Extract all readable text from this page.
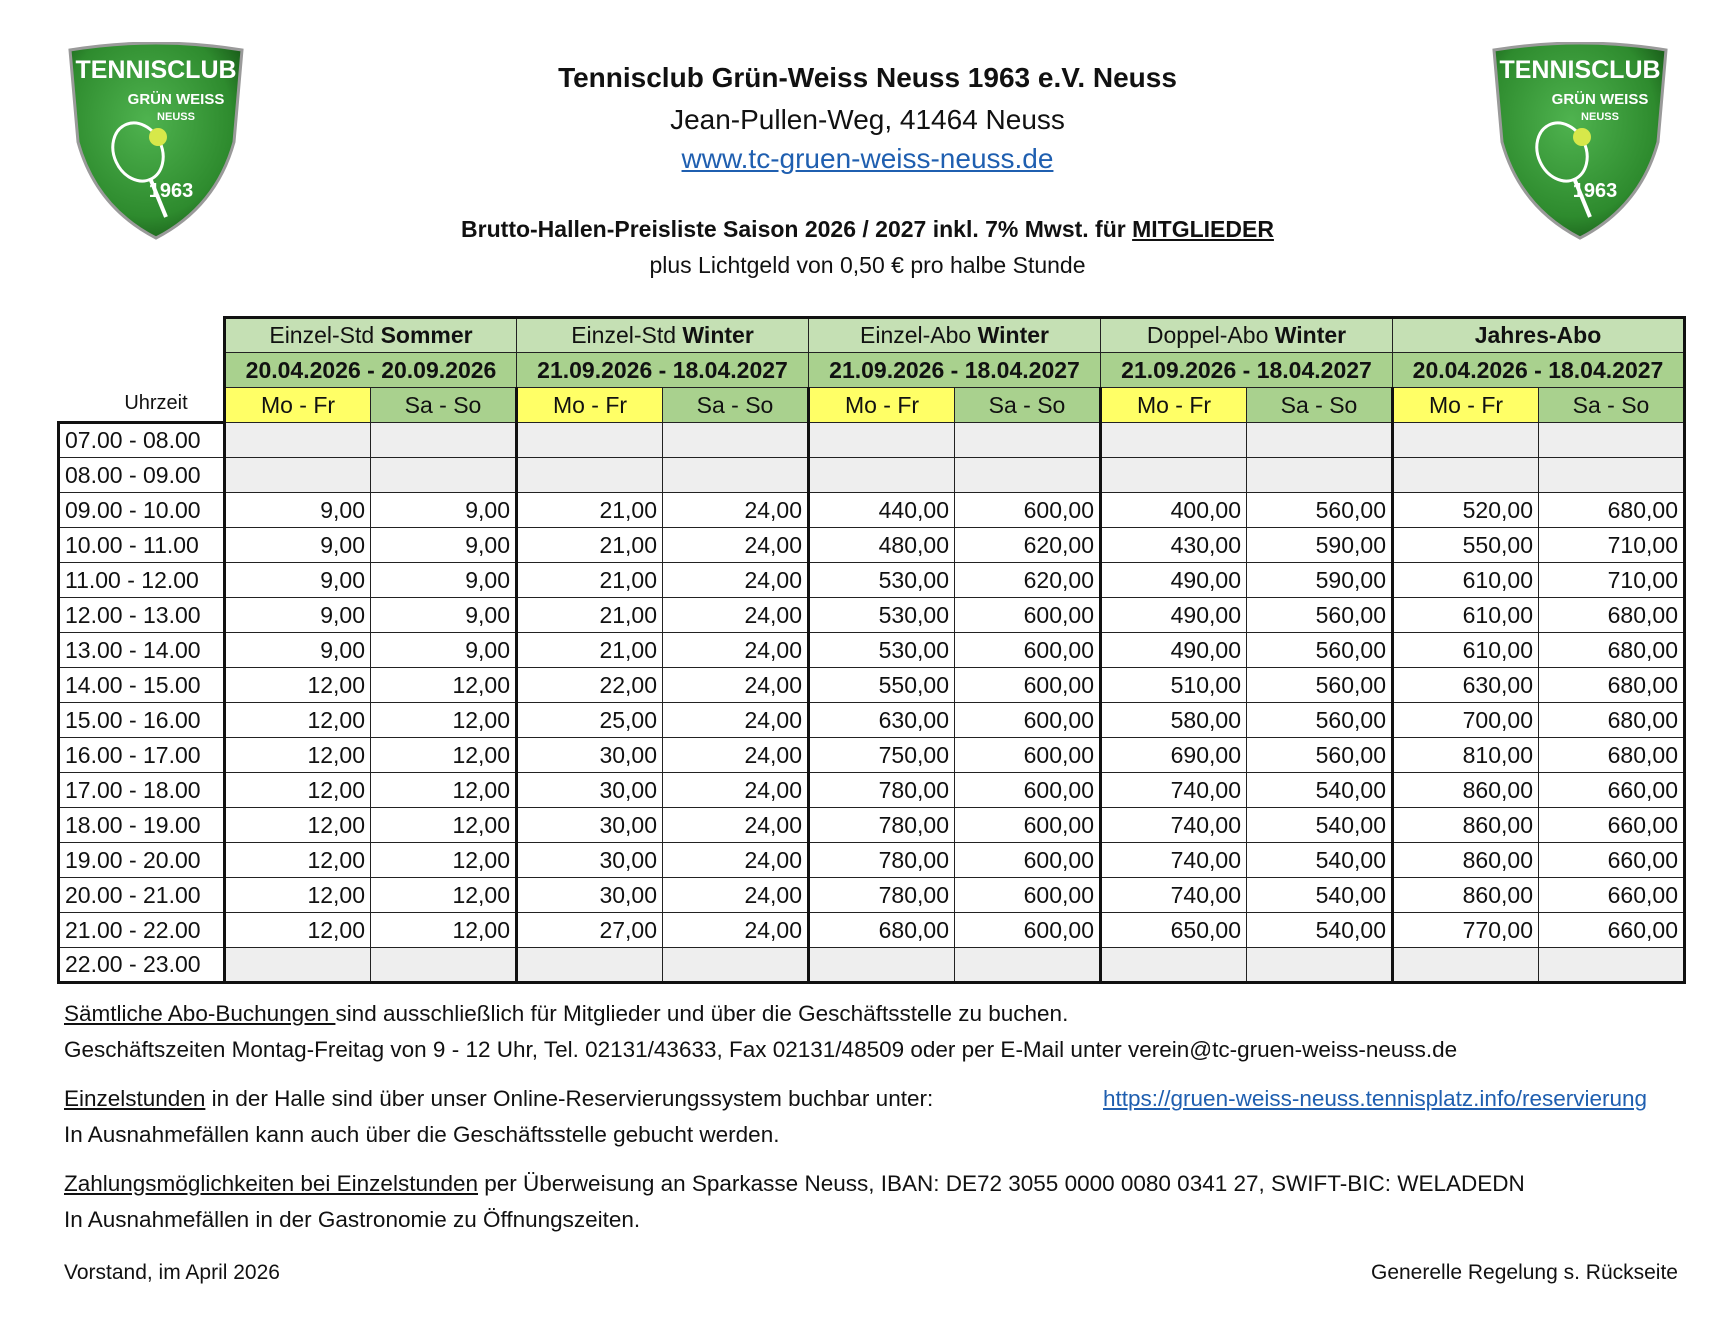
TENNISCLUB
GRÜN WEISS
NEUSS
1963
TENNISCLUB
GRÜN WEISS
NEUSS
1963
Tennisclub Grün-Weiss Neuss 1963 e.V. Neuss
Jean-Pullen-Weg, 41464 Neuss
www.tc-gruen-weiss-neuss.de
Brutto-Hallen-Preisliste Saison 2026 / 2027 inkl. 7% Mwst. für MITGLIEDER
plus Lichtgeld von 0,50 € pro halbe Stunde
Uhrzeit
	Einzel-Std Sommer		Einzel-Std Winter		Einzel-Abo Winter		Doppel-Abo Winter		Jahres-Abo	
	20.04.2026 - 20.09.2026		21.09.2026 - 18.04.2027		21.09.2026 - 18.04.2027		21.09.2026 - 18.04.2027		20.04.2026 - 18.04.2027	
	Mo - Fr	Sa - So	Mo - Fr	Sa - So	Mo - Fr	Sa - So	Mo - Fr	Sa - So	Mo - Fr	Sa - So
07.00 - 08.00										
08.00 - 09.00										
09.00 - 10.00	9,00	9,00	21,00	24,00	440,00	600,00	400,00	560,00	520,00	680,00
10.00 - 11.00	9,00	9,00	21,00	24,00	480,00	620,00	430,00	590,00	550,00	710,00
11.00 - 12.00	9,00	9,00	21,00	24,00	530,00	620,00	490,00	590,00	610,00	710,00
12.00 - 13.00	9,00	9,00	21,00	24,00	530,00	600,00	490,00	560,00	610,00	680,00
13.00 - 14.00	9,00	9,00	21,00	24,00	530,00	600,00	490,00	560,00	610,00	680,00
14.00 - 15.00	12,00	12,00	22,00	24,00	550,00	600,00	510,00	560,00	630,00	680,00
15.00 - 16.00	12,00	12,00	25,00	24,00	630,00	600,00	580,00	560,00	700,00	680,00
16.00 - 17.00	12,00	12,00	30,00	24,00	750,00	600,00	690,00	560,00	810,00	680,00
17.00 - 18.00	12,00	12,00	30,00	24,00	780,00	600,00	740,00	540,00	860,00	660,00
18.00 - 19.00	12,00	12,00	30,00	24,00	780,00	600,00	740,00	540,00	860,00	660,00
19.00 - 20.00	12,00	12,00	30,00	24,00	780,00	600,00	740,00	540,00	860,00	660,00
20.00 - 21.00	12,00	12,00	30,00	24,00	780,00	600,00	740,00	540,00	860,00	660,00
21.00 - 22.00	12,00	12,00	27,00	24,00	680,00	600,00	650,00	540,00	770,00	660,00
22.00 - 23.00										
Sämtliche Abo-Buchungen sind ausschließlich für Mitglieder und über die Geschäftsstelle zu buchen.
Geschäftszeiten Montag-Freitag von 9 - 12 Uhr, Tel. 02131/43633, Fax 02131/48509 oder per E-Mail unter verein@tc-gruen-weiss-neuss.de
Einzelstunden in der Halle sind über unser Online-Reservierungssystem buchbar unter:
In Ausnahmefällen kann auch über die Geschäftsstelle gebucht werden.
https://gruen-weiss-neuss.tennisplatz.info/reservierung
Zahlungsmöglichkeiten bei Einzelstunden per Überweisung an Sparkasse Neuss, IBAN: DE72 3055 0000 0080 0341 27, SWIFT-BIC: WELADEDN
In Ausnahmefällen in der Gastronomie zu Öffnungszeiten.
Vorstand, im April 2026	Generelle Regelung s. Rückseite
